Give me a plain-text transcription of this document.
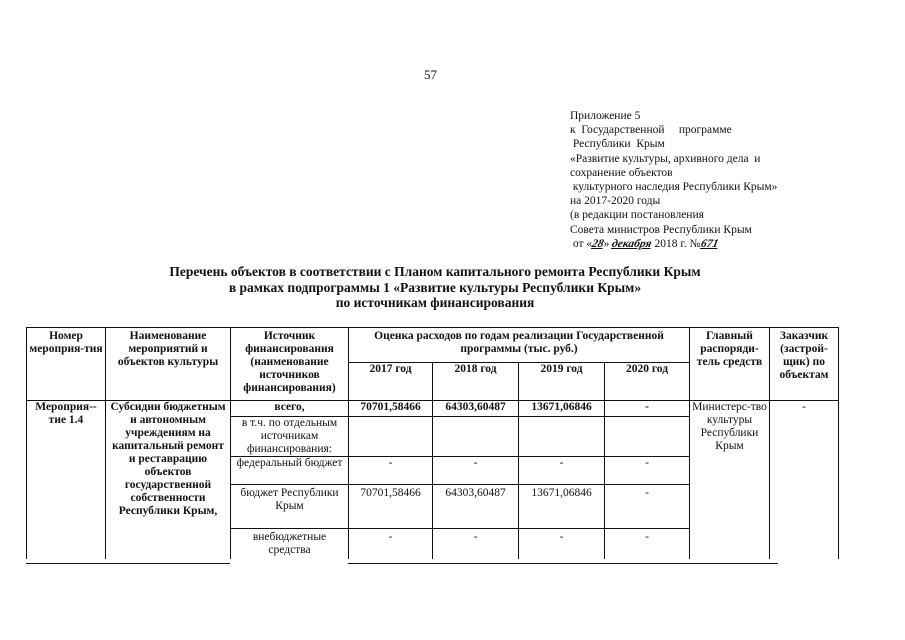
57
Приложение 5
к  Государственной     программе
Республики  Крым
«Развитие культуры, архивного дела  и
сохранение объектов
культурного наследия Республики Крым»
на 2017-2020 годы
(в редакции постановления
Совета министров Республики Крым
от «28» декабря 2018 г. №671
Перечень объектов в соответствии с Планом капитального ремонта Республики Крым
в рамках подпрограммы 1 «Развитие культуры Республики Крым»
по источникам финансирования
Номер мероприя-тия	Наименование мероприятий и объектов культуры	Источник финансирования (наименование источников финансирования)	Оценка расходов по годам реализации Государственной программы (тыс. руб.)				Главный распоряди-тель средств	Заказчик (застрой-щик) по объектам
			2017 год	2018 год	2019 год	2020 год		
Мероприя-- тие 1.4	Субсидии бюджетным и автономным учреждениям на капитальный ремонт и реставрацию объектов государственной собственности Республики Крым,	всего,	70701,58466	64303,60487	13671,06846	-	Министерс-тво культуры Республики Крым	-
		в т.ч. по отдельным источникам финансирования:						
		федеральный бюджет	-	-	-	-		
		бюджет Республики Крым	70701,58466	64303,60487	13671,06846	-		
		внебюджетные средства	-	-	-	-		
